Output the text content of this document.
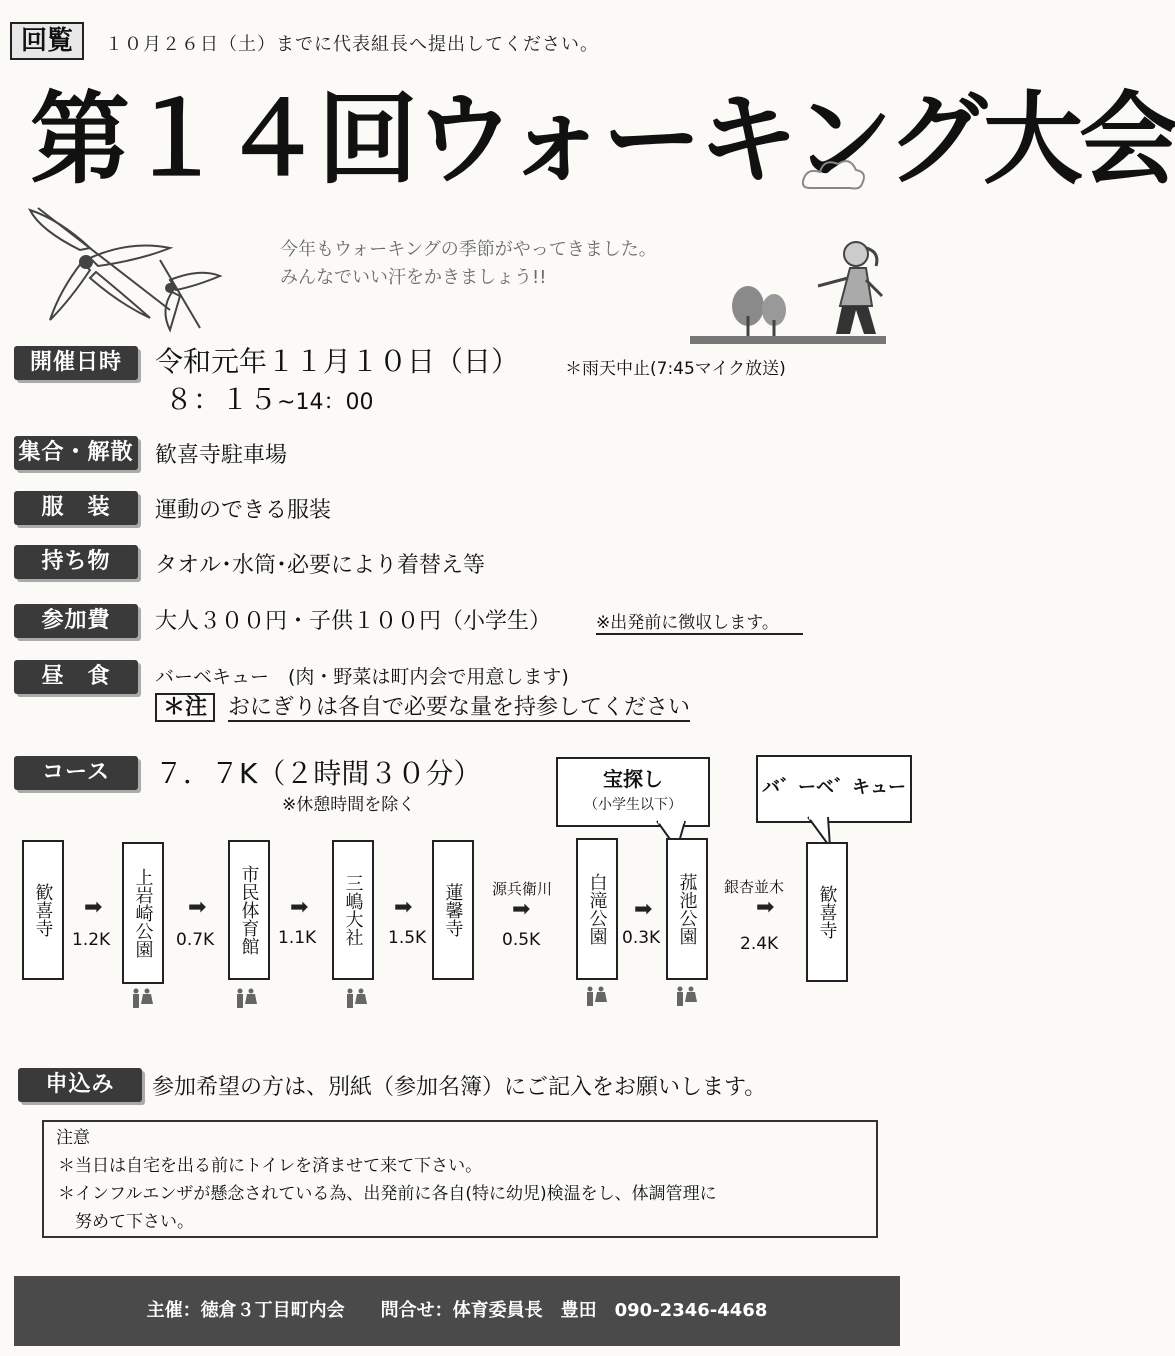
回覧	１０月２６日（土）までに代表組長へ提出してください。
第１４回ウォーキング大会
今年もウォーキングの季節がやってきました。
みんなでいい汗をかきましょう!!
開催日時	令和元年１１月１０日（日）	＊雨天中止(7:45マイク放送)
８：１５~14：00
集合・解散 歓喜寺駐車場
服　装	運動のできる服装
持ち物	タオル･水筒･必要により着替え等
参加費	大人３００円・子供１００円（小学生）	※出発前に徴収します。
昼　食	バーベキュー　(肉・野菜は町内会で用意します)
＊注 おにぎりは各自で必要な量を持参してください
コース	７．７K（２時間３０分）
※休憩時間を除く
宝探し
（小学生以下）
バ゛ーベ゛キュー
歓喜寺	上岩崎公園	市民体育館	三嶋大社	蓮馨寺	白滝公園	菰池公園	歓喜寺
➡
1.2K
➡
0.7K
➡
1.1K
➡
1.5K
源兵衛川
➡
0.5K
➡
0.3K
銀杏並木
➡
2.4K
申込み	参加希望の方は、別紙（参加名簿）にご記入をお願いします。
注意
＊当日は自宅を出る前にトイレを済ませて来て下さい。
＊インフルエンザが懸念されている為、出発前に各自(特に幼児)検温をし、体調管理に
　努めて下さい。
主催：徳倉３丁目町内会　　問合せ：体育委員長　豊田　090-2346-4468
